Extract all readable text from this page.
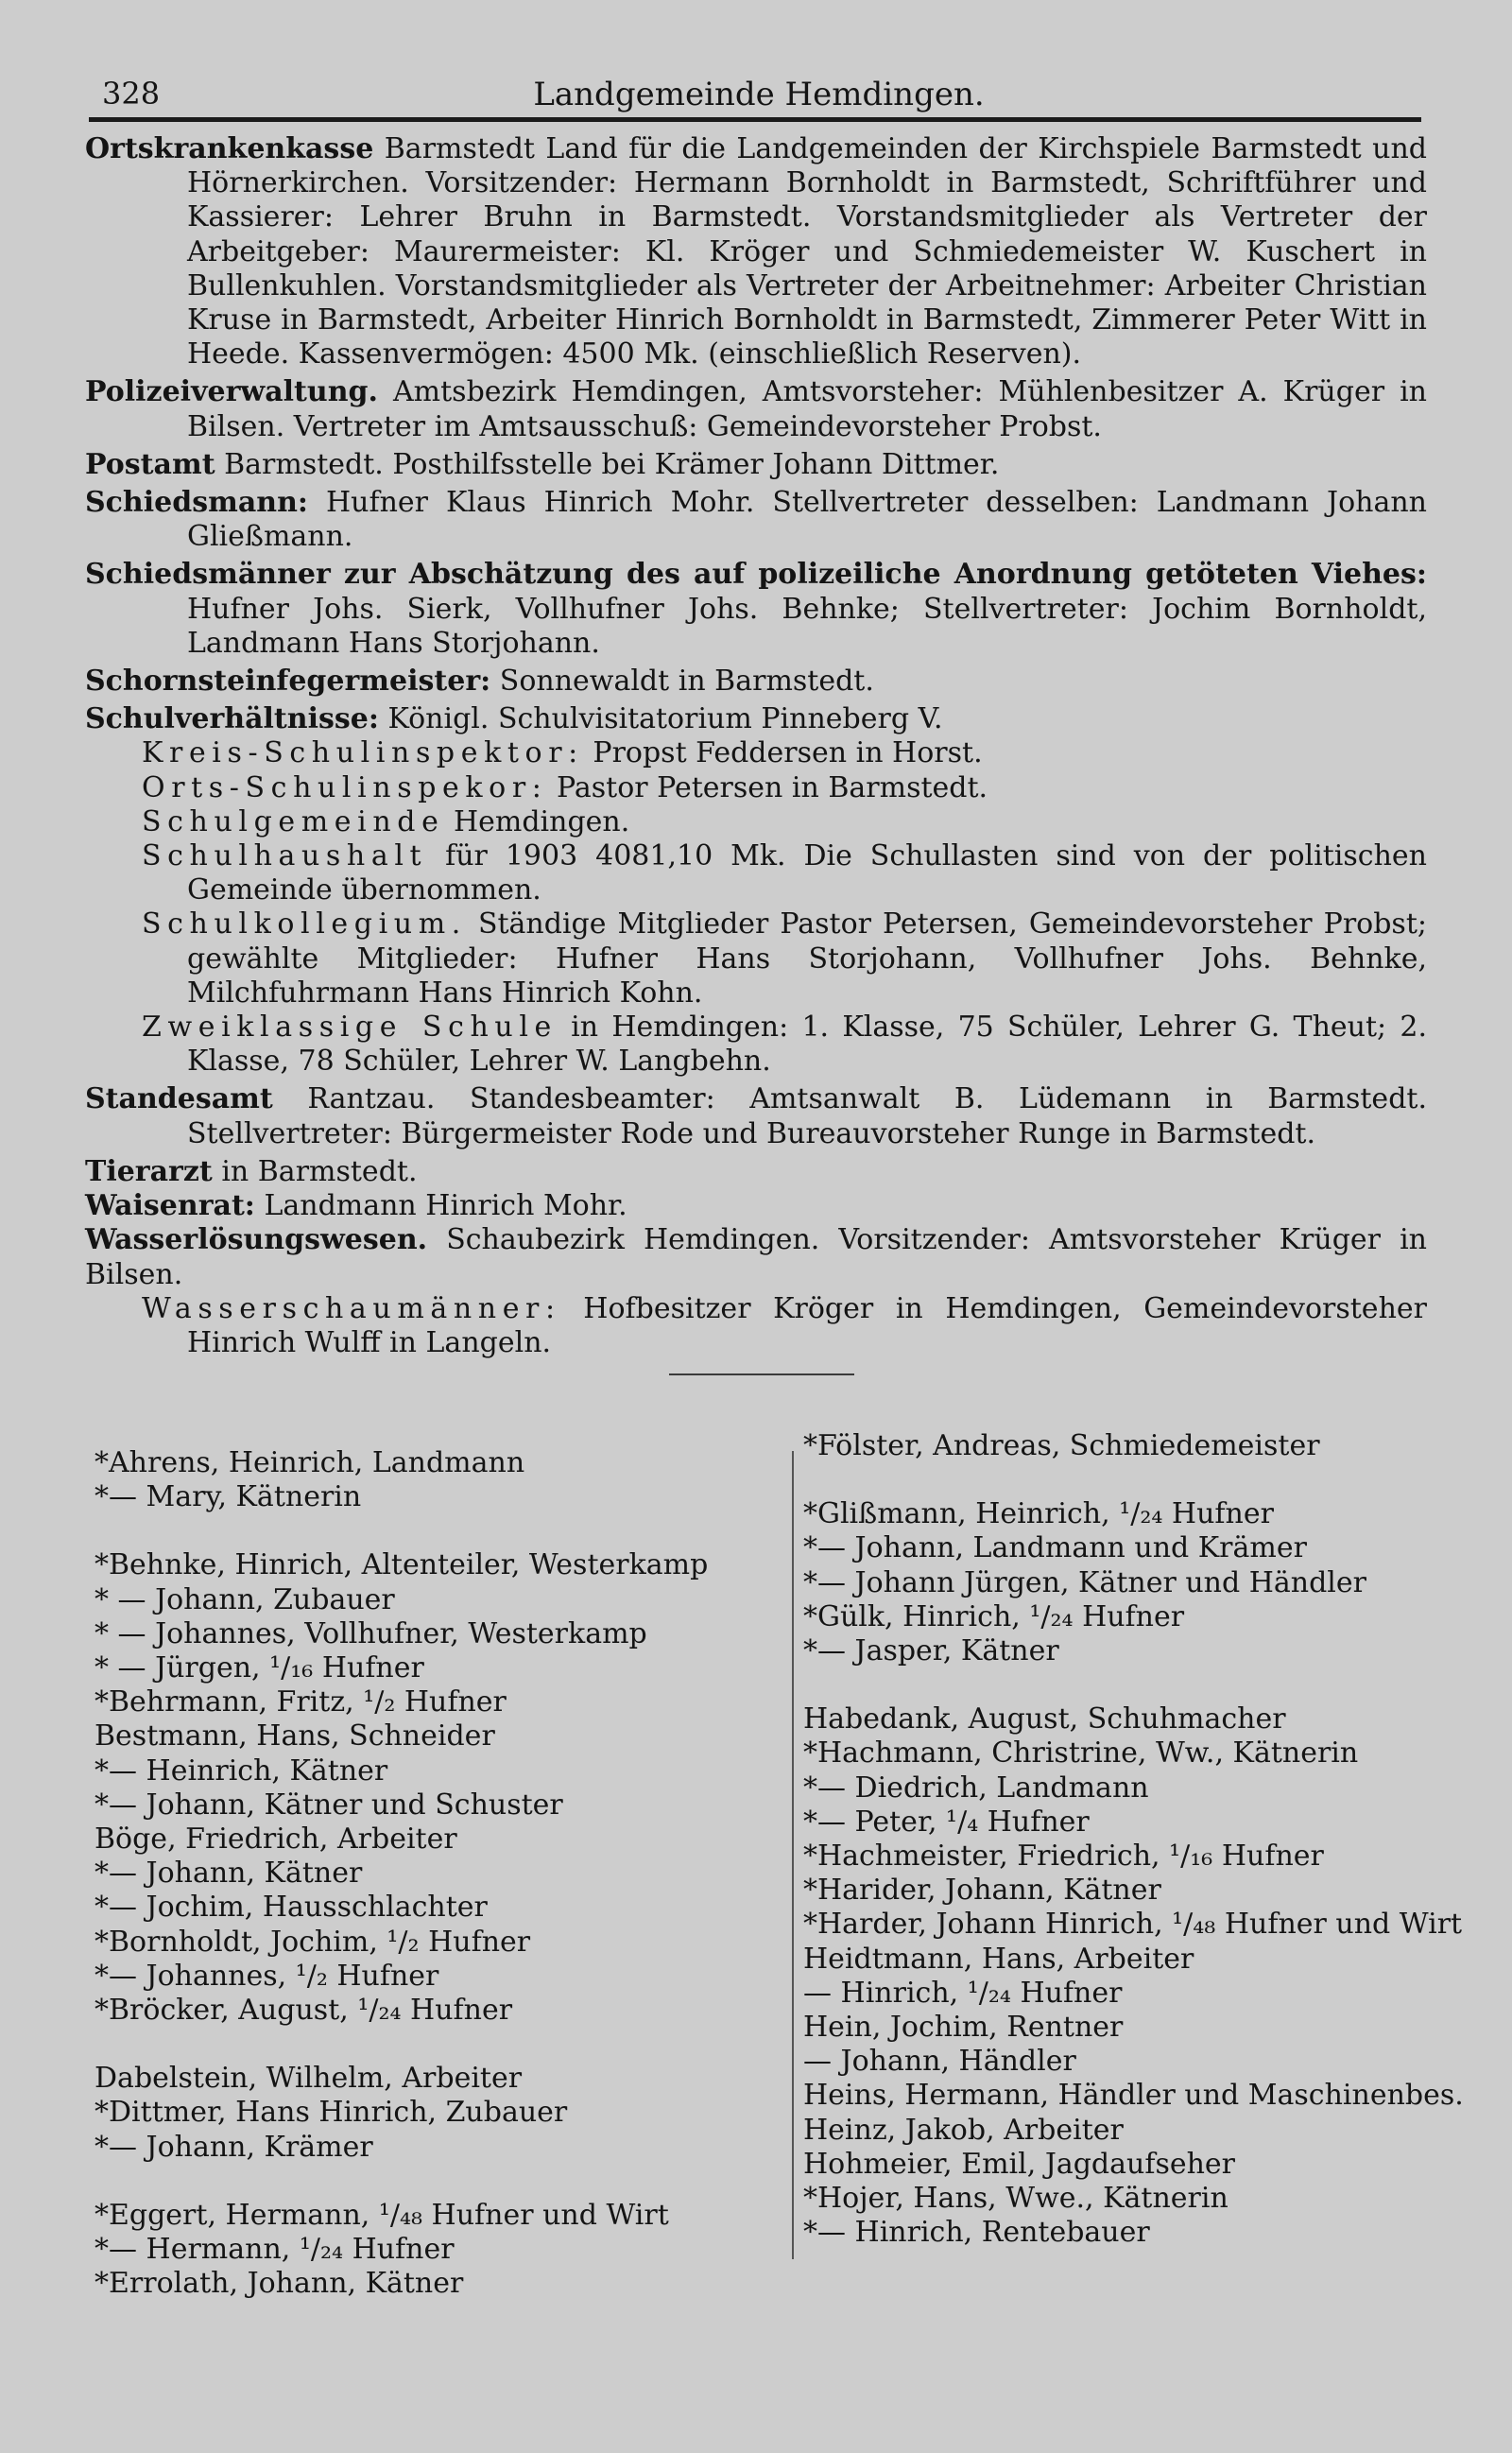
328	Landgemeinde Hemdingen.

Ortskrankenkasse Barmstedt Land für die Landgemeinden der Kirchspiele Barmstedt und Hörnerkirchen. Vorsitzender: Hermann Bornholdt in Barmstedt, Schriftführer und Kassierer: Lehrer Bruhn in Barmstedt. Vorstandsmitglieder als Vertreter der Arbeitgeber: Maurermeister: Kl. Kröger und Schmiedemeister W. Kuschert in Bullenkuhlen. Vorstandsmitglieder als Vertreter der Arbeitnehmer: Arbeiter Christian Kruse in Barmstedt, Arbeiter Hinrich Bornholdt in Barmstedt, Zimmerer Peter Witt in Heede. Kassenvermögen: 4500 Mk. (einschließlich Reserven).

Polizeiverwaltung. Amtsbezirk Hemdingen, Amtsvorsteher: Mühlenbesitzer A. Krüger in Bilsen. Vertreter im Amtsausschuß: Gemeindevorsteher Probst.

Postamt Barmstedt. Posthilfsstelle bei Krämer Johann Dittmer.

Schiedsmann: Hufner Klaus Hinrich Mohr. Stellvertreter desselben: Landmann Johann Gließmann.

Schiedsmänner zur Abschätzung des auf polizeiliche Anordnung getöteten Viehes: Hufner Johs. Sierk, Vollhufner Johs. Behnke; Stellvertreter: Jochim Bornholdt, Landmann Hans Storjohann.

Schornsteinfegermeister: Sonnewaldt in Barmstedt.

Schulverhältnisse: Königl. Schulvisitatorium Pinneberg V.

Kreis-Schulinspektor: Propst Feddersen in Horst.

Orts-Schulinspekor: Pastor Petersen in Barmstedt.

Schulgemeinde Hemdingen.

Schulhaushalt für 1903 4081,10 Mk. Die Schullasten sind von der politischen Gemeinde übernommen.

Schulkollegium. Ständige Mitglieder Pastor Petersen, Gemeindevorsteher Probst; gewählte Mitglieder: Hufner Hans Storjohann, Vollhufner Johs. Behnke, Milchfuhrmann Hans Hinrich Kohn.

Zweiklassige Schule in Hemdingen: 1. Klasse, 75 Schüler, Lehrer G. Theut; 2. Klasse, 78 Schüler, Lehrer W. Langbehn.

Standesamt Rantzau. Standesbeamter: Amtsanwalt B. Lüdemann in Barmstedt. Stellvertreter: Bürgermeister Rode und Bureauvorsteher Runge in Barmstedt.

Tierarzt in Barmstedt.

Waisenrat: Landmann Hinrich Mohr.

Wasserlösungswesen. Schaubezirk Hemdingen. Vorsitzender: Amtsvorsteher Krüger in Bilsen.

Wasserschaumänner: Hofbesitzer Kröger in Hemdingen, Gemeindevorsteher Hinrich Wulff in Langeln.

*Ahrens, Heinrich, Landmann
*— Mary, Kätnerin
*Behnke, Hinrich, Altenteiler, Westerkamp
* — Johann, Zubauer
* — Johannes, Vollhufner, Westerkamp
* — Jürgen, ¹/₁₆ Hufner
*Behrmann, Fritz, ¹/₂ Hufner
Bestmann, Hans, Schneider
*— Heinrich, Kätner
*— Johann, Kätner und Schuster
Böge, Friedrich, Arbeiter
*— Johann, Kätner
*— Jochim, Hausschlachter
*Bornholdt, Jochim, ¹/₂ Hufner
*— Johannes, ¹/₂ Hufner
*Bröcker, August, ¹/₂₄ Hufner
Dabelstein, Wilhelm, Arbeiter
*Dittmer, Hans Hinrich, Zubauer
*— Johann, Krämer
*Eggert, Hermann, ¹/₄₈ Hufner und Wirt
*— Hermann, ¹/₂₄ Hufner
*Errolath, Johann, Kätner
*Fölster, Andreas, Schmiedemeister
*Glißmann, Heinrich, ¹/₂₄ Hufner
*— Johann, Landmann und Krämer
*— Johann Jürgen, Kätner und Händler
*Gülk, Hinrich, ¹/₂₄ Hufner
*— Jasper, Kätner
Habedank, August, Schuhmacher
*Hachmann, Christrine, Ww., Kätnerin
*— Diedrich, Landmann
*— Peter, ¹/₄ Hufner
*Hachmeister, Friedrich, ¹/₁₆ Hufner
*Harider, Johann, Kätner
*Harder, Johann Hinrich, ¹/₄₈ Hufner und Wirt
Heidtmann, Hans, Arbeiter
— Hinrich, ¹/₂₄ Hufner
Hein, Jochim, Rentner
— Johann, Händler
Heins, Hermann, Händler und Maschinenbes.
Heinz, Jakob, Arbeiter
Hohmeier, Emil, Jagdaufseher
*Hojer, Hans, Wwe., Kätnerin
*— Hinrich, Rentebauer
